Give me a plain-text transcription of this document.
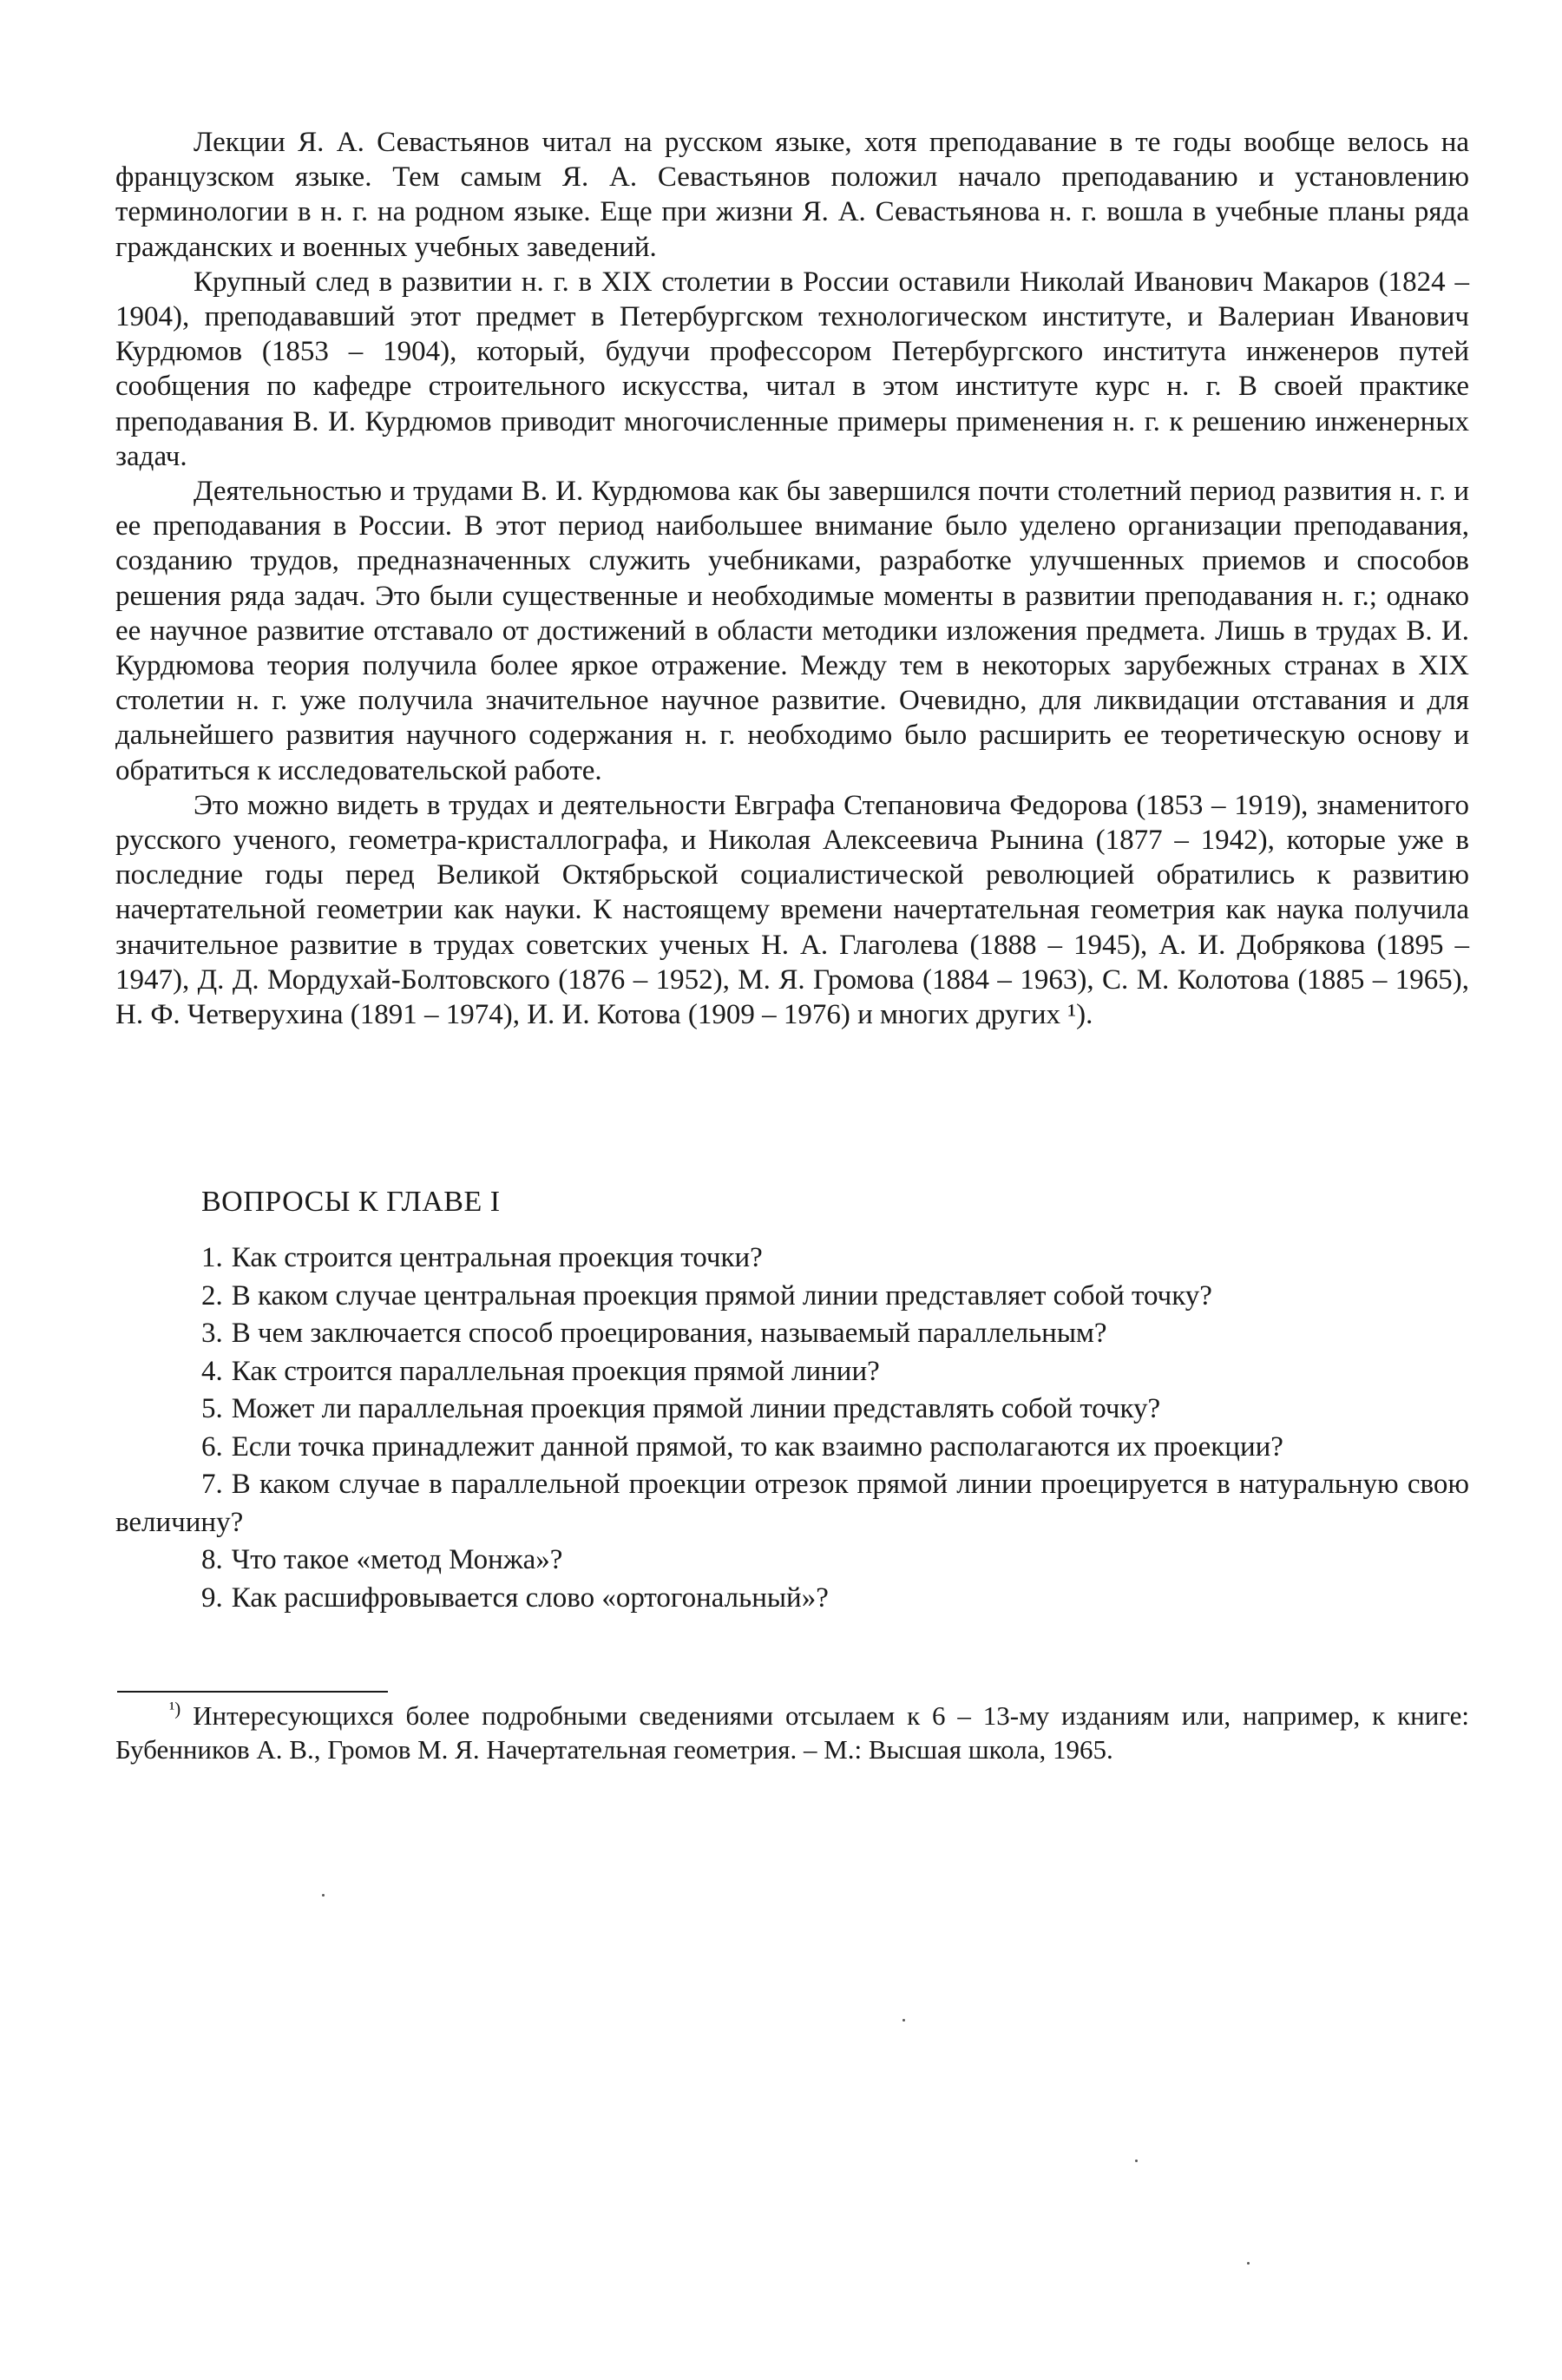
Лекции Я. А. Севастьянов читал на русском языке, хотя преподавание в те годы вообще велось на французском языке. Тем самым Я. А. Севастьянов положил начало преподаванию и установлению терминологии в н. г. на родном языке. Еще при жизни Я. А. Севастьянова н. г. вошла в учебные планы ряда гражданских и военных учебных заведений.

Крупный след в развитии н. г. в XIX столетии в России оставили Николай Иванович Макаров (1824 – 1904), преподававший этот предмет в Петербургском технологическом институте, и Валериан Иванович Курдюмов (1853 – 1904), который, будучи профессором Петербургского института инженеров путей сообщения по кафедре строительного искусства, читал в этом институте курс н. г. В своей практике преподавания В. И. Курдюмов приводит многочисленные примеры применения н. г. к решению инженерных задач.

Деятельностью и трудами В. И. Курдюмова как бы завершился почти столетний период развития н. г. и ее преподавания в России. В этот период наибольшее внимание было уделено организации преподавания, созданию трудов, предназначенных служить учебниками, разработке улучшенных приемов и способов решения ряда задач. Это были существенные и необходимые моменты в развитии преподавания н. г.; однако ее научное развитие отставало от достижений в области методики изложения предмета. Лишь в трудах В. И. Курдюмова теория получила более яркое отражение. Между тем в некоторых зарубежных странах в XIX столетии н. г. уже получила значительное научное развитие. Очевидно, для ликвидации отставания и для дальнейшего развития научного содержания н. г. необходимо было расширить ее теоретическую основу и обратиться к исследовательской работе.

Это можно видеть в трудах и деятельности Евграфа Степановича Федорова (1853 – 1919), знаменитого русского ученого, геометра-кристаллографа, и Николая Алексеевича Рынина (1877 – 1942), которые уже в последние годы перед Великой Октябрьской социалистической революцией обратились к развитию начертательной геометрии как науки. К настоящему времени начертательная геометрия как наука получила значительное развитие в трудах советских ученых Н. А. Глаголева (1888 – 1945), А. И. Добрякова (1895 – 1947), Д. Д. Мордухай-Болтовского (1876 – 1952), М. Я. Громова (1884 – 1963), С. М. Колотова (1885 – 1965), Н. Ф. Четверухина (1891 – 1974), И. И. Котова (1909 – 1976) и многих других ¹).

ВОПРОСЫ К ГЛАВЕ I
1. Как строится центральная проекция точки?
2. В каком случае центральная проекция прямой линии представляет собой точку?
3. В чем заключается способ проецирования, называемый параллельным?
4. Как строится параллельная проекция прямой линии?
5. Может ли параллельная проекция прямой линии представлять собой точку?
6. Если точка принадлежит данной прямой, то как взаимно располагаются их проекции?
7. В каком случае в параллельной проекции отрезок прямой линии проецируется в натуральную свою величину?
8. Что такое «метод Монжа»?
9. Как расшифровывается слово «ортогональный»?

$^{^1)}$ Интересующихся более подробными сведениями отсылаем к 6 – 13-му изданиям или, например, к книге: Бубенников А. В., Громов М. Я. Начертательная геометрия. – М.: Высшая школа, 1965.
